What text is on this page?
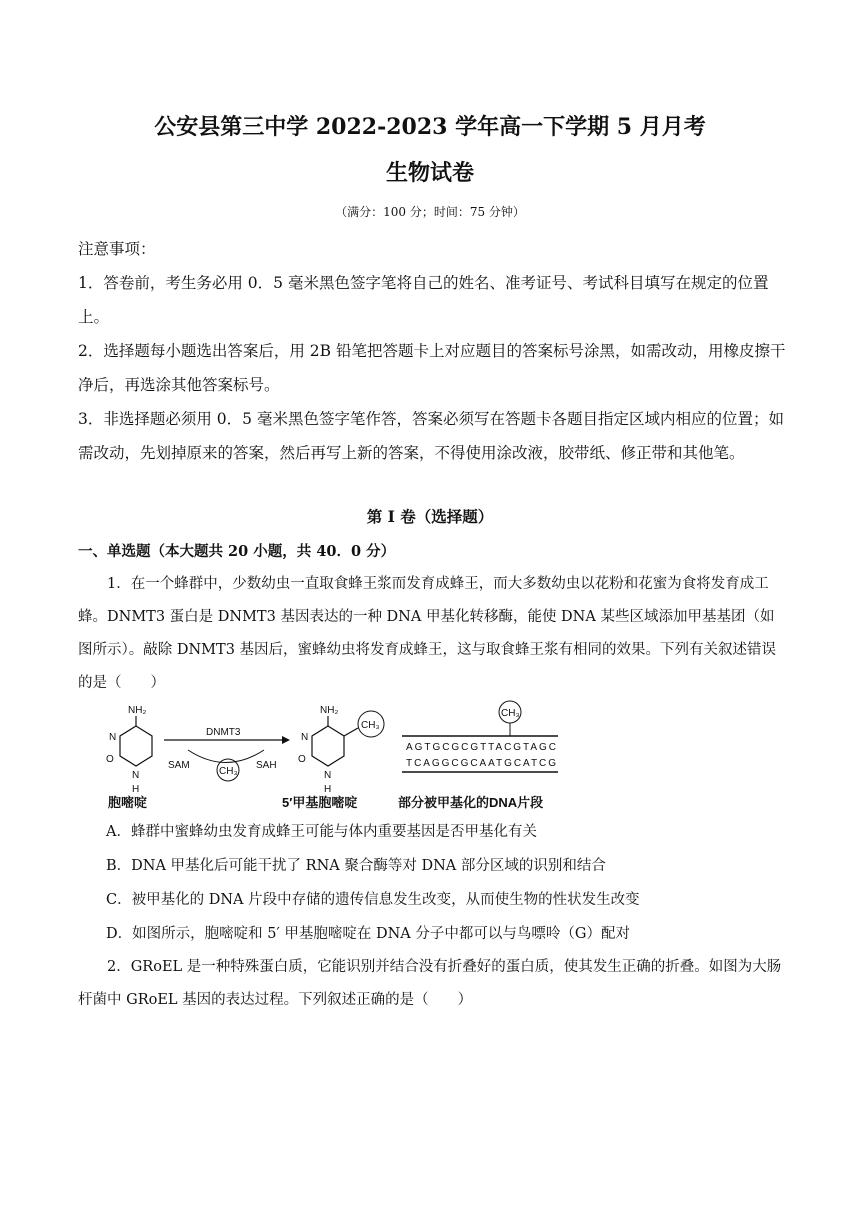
公安县第三中学 2022-2023 学年高一下学期 5 月月考
生物试卷
（满分：100 分；时间：75 分钟）

注意事项：

1．答卷前，考生务必用 0．5 毫米黑色签字笔将自己的姓名、准考证号、考试科目填写在规定的位置上。

2．选择题每小题选出答案后，用 2B 铅笔把答题卡上对应题目的答案标号涂黑，如需改动，用橡皮擦干净后，再选涂其他答案标号。

3．非选择题必须用 0．5 毫米黑色签字笔作答，答案必须写在答题卡各题目指定区域内相应的位置；如需改动，先划掉原来的答案，然后再写上新的答案，不得使用涂改液，胶带纸、修正带和其他笔。

第 I 卷（选择题）
一、单选题（本大题共 20 小题，共 40．0 分）

1．在一个蜂群中，少数幼虫一直取食蜂王浆而发育成蜂王，而大多数幼虫以花粉和花蜜为食将发育成工蜂。DNMT3 蛋白是 DNMT3 基因表达的一种 DNA 甲基化转移酶，能使 DNA 某些区域添加甲基基团（如图所示）。敲除 DNMT3 基因后，蜜蜂幼虫将发育成蜂王，这与取食蜂王浆有相同的效果。下列有关叙述错误的是（　　）

NH₂
N
O
N
H
胞嘧啶
DNMT3
SAM	SAH
CH₃
NH₂
CH₃
N
O
N
H
5′甲基胞嘧啶
CH₃
AGTGCGCGTTACGTAGC
TCAGGCGCAATGCATCG
部分被甲基化的DNA片段
A．蜂群中蜜蜂幼虫发育成蜂王可能与体内重要基因是否甲基化有关
B．DNA 甲基化后可能干扰了 RNA 聚合酶等对 DNA 部分区域的识别和结合
C．被甲基化的 DNA 片段中存储的遗传信息发生改变，从而使生物的性状发生改变
D．如图所示，胞嘧啶和 5′ 甲基胞嘧啶在 DNA 分子中都可以与鸟嘌呤（G）配对

2．GRoEL 是一种特殊蛋白质，它能识别并结合没有折叠好的蛋白质，使其发生正确的折叠。如图为大肠杆菌中 GRoEL 基因的表达过程。下列叙述正确的是（　　）
